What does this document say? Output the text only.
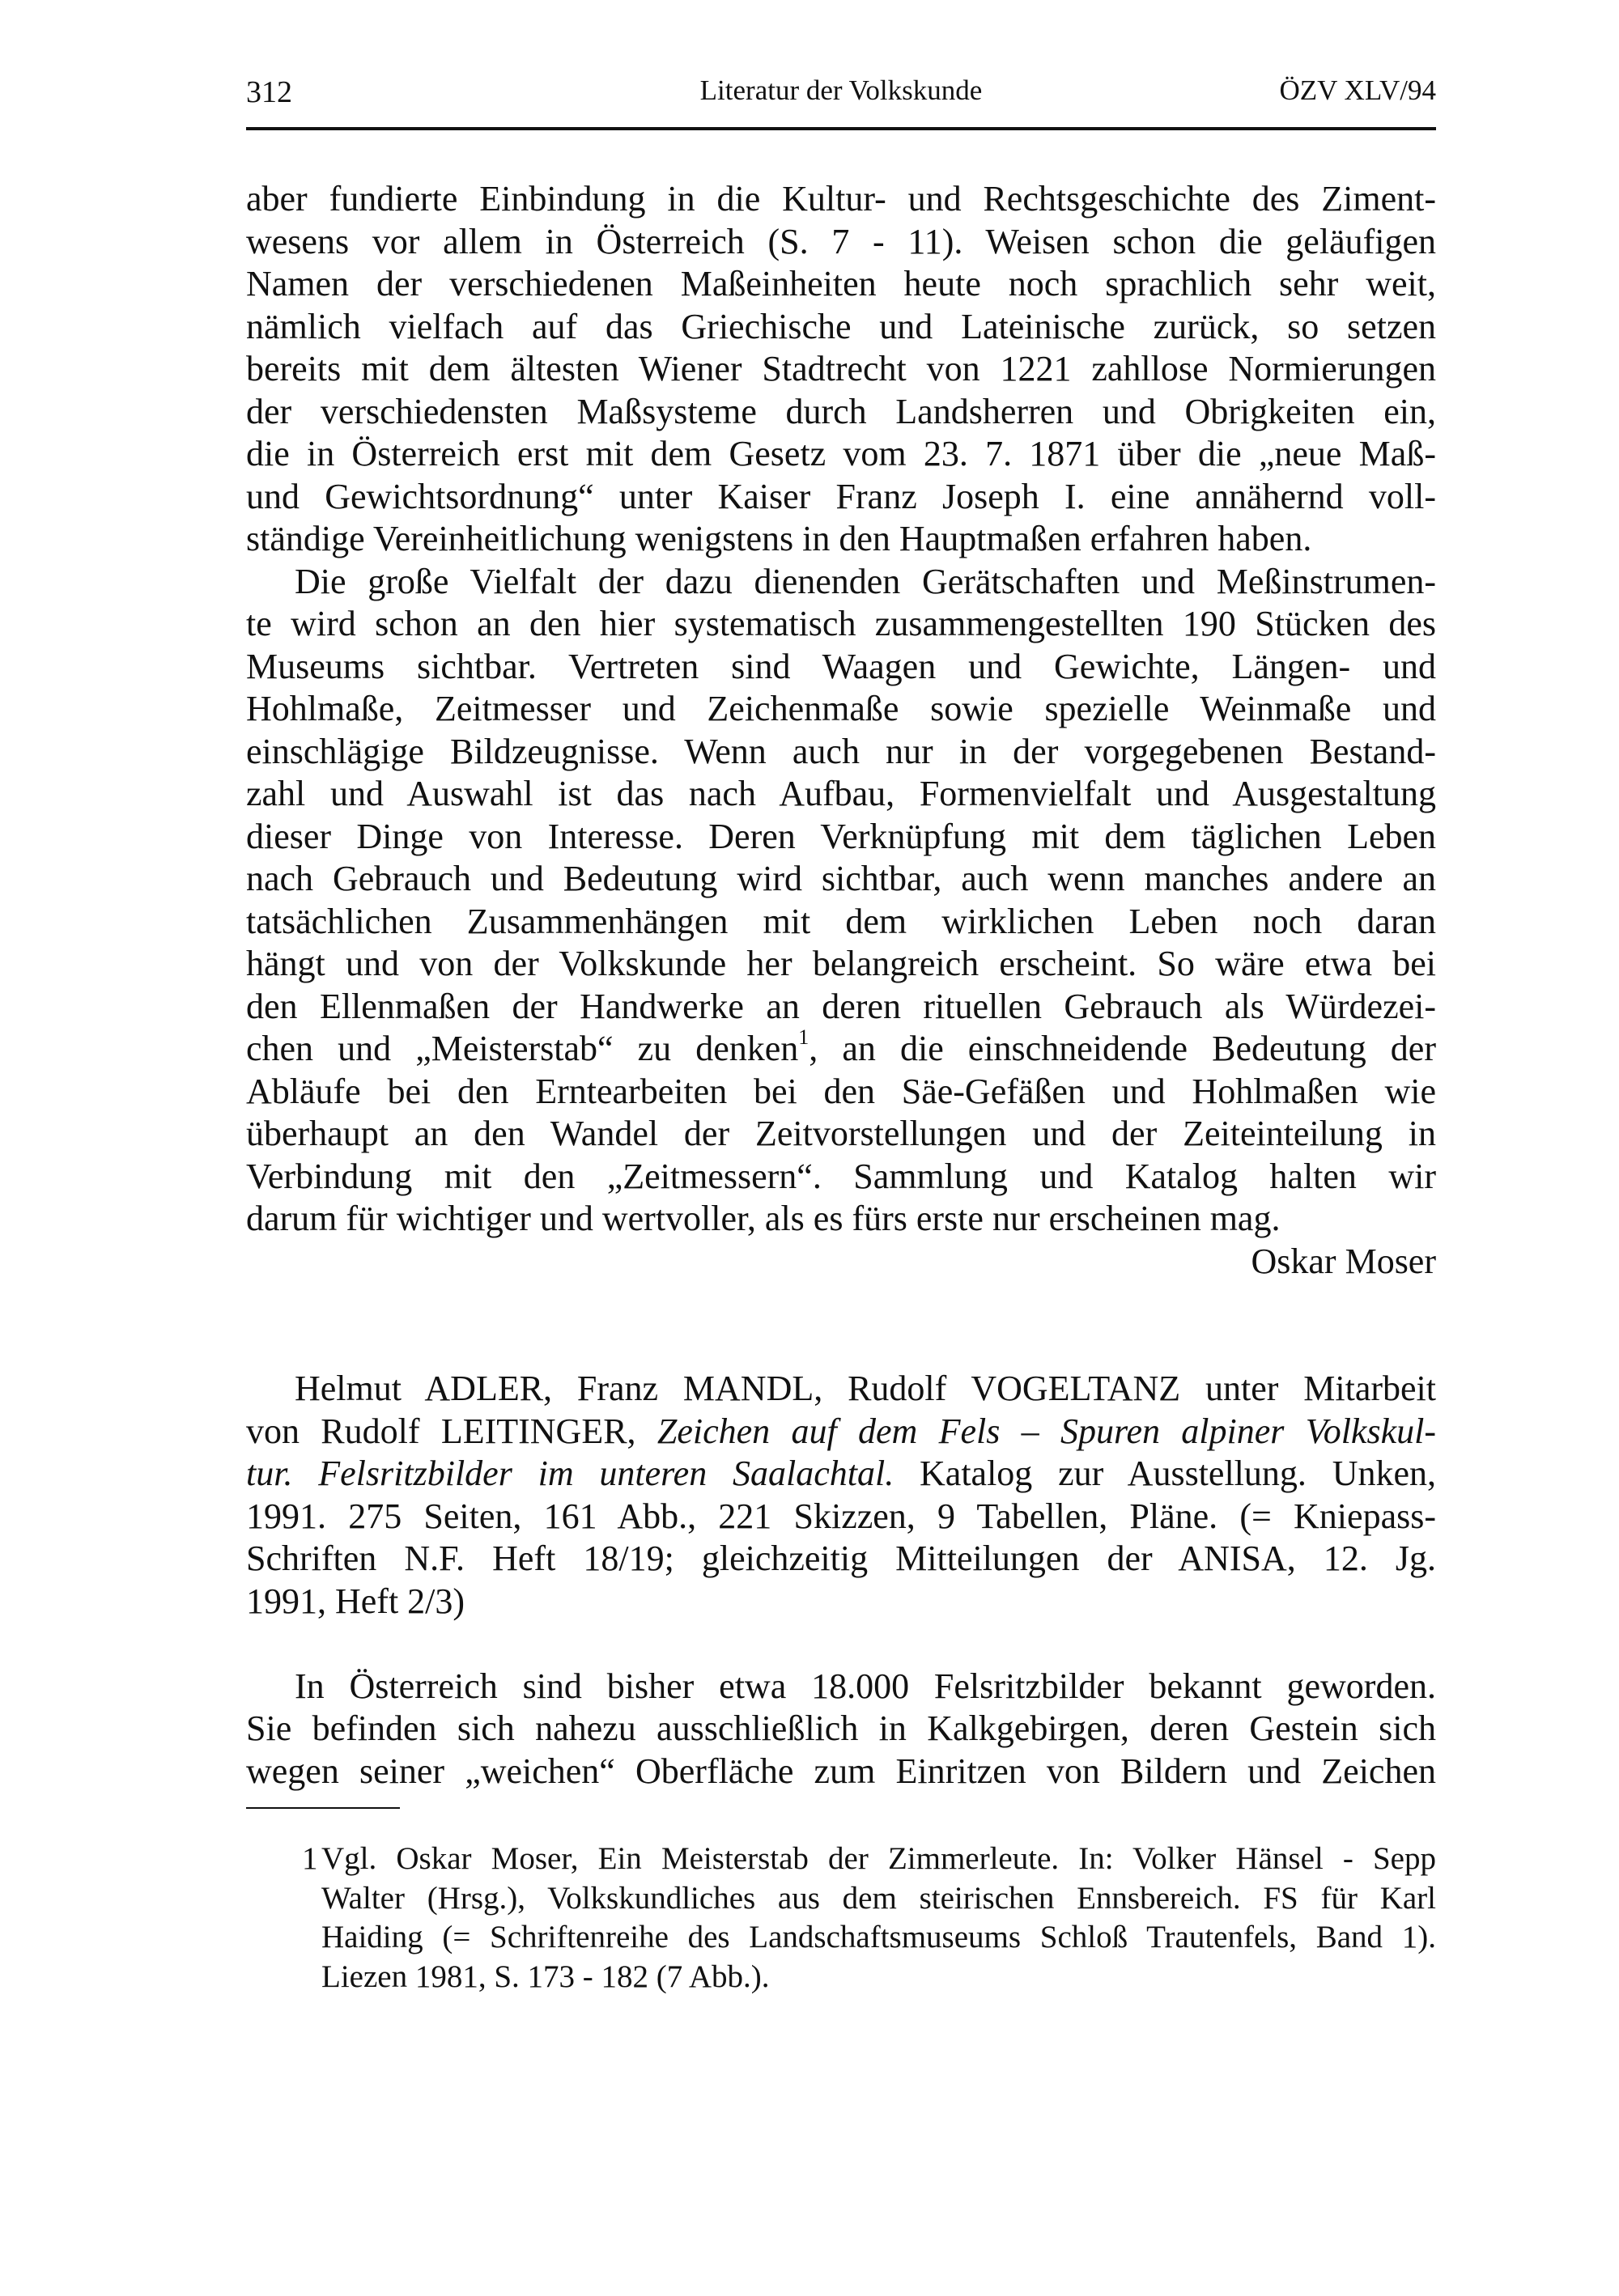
Literatur der Volkskunde
312	ÖZV XLV/94
aber fundierte Einbindung in die Kultur- und Rechtsgeschichte des Ziment-
wesens vor allem in Österreich (S. 7 - 11). Weisen schon die geläufigen
Namen der verschiedenen Maßeinheiten heute noch sprachlich sehr weit,
nämlich vielfach auf das Griechische und Lateinische zurück, so setzen
bereits mit dem ältesten Wiener Stadtrecht von 1221 zahllose Normierungen
der verschiedensten Maßsysteme durch Landsherren und Obrigkeiten ein,
die in Österreich erst mit dem Gesetz vom 23. 7. 1871 über die „neue Maß-
und Gewichtsordnung“ unter Kaiser Franz Joseph I. eine annähernd voll-
ständige Vereinheitlichung wenigstens in den Hauptmaßen erfahren haben.
Die große Vielfalt der dazu dienenden Gerätschaften und Meßinstrumen-
te wird schon an den hier systematisch zusammengestellten 190 Stücken des
Museums sichtbar. Vertreten sind Waagen und Gewichte, Längen- und
Hohlmaße, Zeitmesser und Zeichenmaße sowie spezielle Weinmaße und
einschlägige Bildzeugnisse. Wenn auch nur in der vorgegebenen Bestand-
zahl und Auswahl ist das nach Aufbau, Formenvielfalt und Ausgestaltung
dieser Dinge von Interesse. Deren Verknüpfung mit dem täglichen Leben
nach Gebrauch und Bedeutung wird sichtbar, auch wenn manches andere an
tatsächlichen Zusammenhängen mit dem wirklichen Leben noch daran
hängt und von der Volkskunde her belangreich erscheint. So wäre etwa bei
den Ellenmaßen der Handwerke an deren rituellen Gebrauch als Würdezei-
chen und „Meisterstab“ zu denken$^1$, an die einschneidende Bedeutung der
Abläufe bei den Erntearbeiten bei den Säe-Gefäßen und Hohlmaßen wie
überhaupt an den Wandel der Zeitvorstellungen und der Zeiteinteilung in
Verbindung mit den „Zeitmessern“. Sammlung und Katalog halten wir
darum für wichtiger und wertvoller, als es fürs erste nur erscheinen mag.
Oskar Moser
Helmut ADLER, Franz MANDL, Rudolf VOGELTANZ unter Mitarbeit
von Rudolf LEITINGER, Zeichen auf dem Fels – Spuren alpiner Volkskul-
tur. Felsritzbilder im unteren Saalachtal. Katalog zur Ausstellung. Unken,
1991. 275 Seiten, 161 Abb., 221 Skizzen, 9 Tabellen, Pläne. (= Kniepass-
Schriften N.F. Heft 18/19; gleichzeitig Mitteilungen der ANISA, 12. Jg.
1991, Heft 2/3)
In Österreich sind bisher etwa 18.000 Felsritzbilder bekannt geworden.
Sie befinden sich nahezu ausschließlich in Kalkgebirgen, deren Gestein sich
wegen seiner „weichen“ Oberfläche zum Einritzen von Bildern und Zeichen
1 Vgl. Oskar Moser, Ein Meisterstab der Zimmerleute. In: Volker Hänsel - Sepp
Walter (Hrsg.), Volkskundliches aus dem steirischen Ennsbereich. FS für Karl
Haiding (= Schriftenreihe des Landschaftsmuseums Schloß Trautenfels, Band 1).
Liezen 1981, S. 173 - 182 (7 Abb.).
